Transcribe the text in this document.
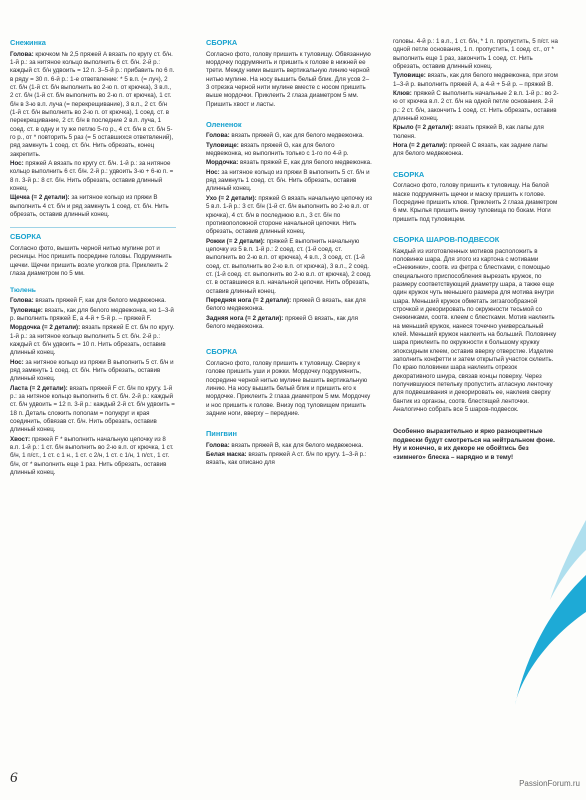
Снежинка

Голова: крючком № 2,5 пряжей A вязать по кругу ст. б/н. 1-й р.: за нитяное кольцо выполнить 6 ст. б/н. 2-й р.: каждый ст. б/н удвоить = 12 п. 3–5-й р.: прибавить по 6 п. в ряду = 30 п. 6-й р.: 1-е ответвление: * 5 в.п. (= луч), 2 ст. б/н (1-й ст. б/н выполнить во 2-ю п. от крючка), 3 в.п., 2 ст. б/н (1-й ст. б/н выполнить во 2-ю п. от крючка), 1 ст. б/н в 3-ю в.п. луча (= перекрещивание), 3 в.п., 2 ст. б/н (1-й ст. б/н выполнить во 2-ю п. от крючка), 1 соед. ст. в перекрещивание, 2 ст. б/н в последние 2 в.п. луча, 1 соед. ст. в одну и ту же петлю 5-го р., 4 ст. б/н в ст. б/н 5-го р., от * повторить 5 раз (= 5 оставшихся ответвлений), ряд замкнуть 1 соед. ст. б/н. Нить обрезать, конец закрепить.

Нос: пряжей A вязать по кругу ст. б/н. 1-й р.: за нитяное кольцо выполнить 6 ст. б/н. 2-й р.: удвоить 3-ю + 6-ю п. = 8 п. 3-й р.: 8 ст. б/н. Нить обрезать, оставив длинный конец.

Щечка (= 2 детали): за нитяное кольцо из пряжи B выполнить 4 ст. б/н и ряд замкнуть 1 соед. ст. б/н. Нить обрезать, оставив длинный конец.

СБОРКА

Согласно фото, вышить черной нитью мулине рот и ресницы. Нос пришить посредине головы. Подрумянить щечки. Щечки пришить возле уголков рта. Приклеить 2 глаза диаметром по 5 мм.

Тюлень

Голова: вязать пряжей F, как для белого медвежонка.

Туловище: вязать, как для белого медвежонка, но 1–3-й р. выполнить пряжей E, а 4-й + 5-й р. – пряжей F.

Мордочка (= 2 детали): вязать пряжей E ст. б/н по кругу. 1-й р.: за нитяное кольцо выполнить 5 ст. б/н. 2-й р.: каждый ст. б/н удвоить = 10 п. Нить обрезать, оставив длинный конец.

Нос: за нитяное кольцо из пряжи B выполнить 5 ст. б/н и ряд замкнуть 1 соед. ст. б/н. Нить обрезать, оставив длинный конец.

Ласта (= 2 детали): вязать пряжей F ст. б/н по кругу. 1-й р.: за нитяное кольцо выполнить 6 ст. б/н. 2-й р.: каждый ст. б/н удвоить = 12 п. 3-й р.: каждый 2-й ст. б/н удвоить = 18 п. Деталь сложить пополам = полукруг и края соединить, обвязав ст. б/н. Нить обрезать, оставив длинный конец.

Хвост: пряжей F * выполнить начальную цепочку из 8 в.п. 1-й р.: 1 ст. б/н выполнить во 2-ю в.п. от крючка, 1 ст. б/н, 1 п/ст., 1 ст. с 1 н., 1 ст. с 2/н, 1 ст. с 1/н, 1 п/ст., 1 ст. б/н, от * выполнить еще 1 раз. Нить обрезать, оставив длинный конец.

СБОРКА

Согласно фото, голову пришить к туловищу. Обвязанную мордочку подрумянить и пришить к голове в нижней ее трети. Между ними вышить вертикальную линию черной нитью мулине. На носу вышить белый блик. Для усов 2–3 отрезка черной нити мулине вместе с носом пришить выше мордочки. Приклеить 2 глаза диаметром 5 мм. Пришить хвост и ласты.

Олененок

Голова: вязать пряжей G, как для белого медвежонка.

Туловище: вязать пряжей G, как для белого медвежонка, но выполнить только с 1-го по 4-й р.

Мордочка: вязать пряжей E, как для белого медвежонка.

Нос: за нитяное кольцо из пряжи B выполнить 5 ст. б/н и ряд замкнуть 1 соед. ст. б/н. Нить обрезать, оставив длинный конец.

Ухо (= 2 детали): пряжей G вязать начальную цепочку из 5 в.п. 1-й р.: 3 ст. б/н (1-й ст. б/н выполнить во 2-ю в.п. от крючка), 4 ст. б/н в последнюю в.п., 3 ст. б/н по противоположной стороне начальной цепочки. Нить обрезать, оставив длинный конец.

Рожки (= 2 детали): пряжей E выполнить начальную цепочку из 5 в.п. 1-й р.: 2 соед. ст. (1-й соед. ст. выполнить во 2-ю в.п. от крючка), 4 в.п., 3 соед. ст. (1-й соед. ст. выполнить во 2-ю в.п. от крючка), 3 в.п., 2 соед. ст. (1-й соед. ст. выполнить во 2-ю в.п. от крючка), 2 соед. ст. в оставшиеся в.п. начальной цепочки. Нить обрезать, оставив длинный конец.

Передняя нога (= 2 детали): пряжей G вязать, как для белого медвежонка.

Задняя нога (= 2 детали): пряжей G вязать, как для белого медвежонка.

СБОРКА

Согласно фото, голову пришить к туловищу. Сверху к голове пришить уши и рожки. Мордочку подрумянить, посредине черной нитью мулине вышить вертикальную линию. На носу вышить белый блик и пришить его к мордочке. Приклеить 2 глаза диаметром 5 мм. Мордочку и нос пришить к голове. Внизу под туловищем пришить задние ноги, вверху – передние.

Пингвин

Голова: вязать пряжей B, как для белого медвежонка.

Белая маска: вязать пряжей A ст. б/н по кругу. 1–3-й р.: вязать, как описано для

головы. 4-й р.: 1 в.п., 1 ст. б/н, * 1 п. пропустить, 5 п/ст. на одной петле основания, 1 п. пропустить, 1 соед. ст., от * выполнить еще 1 раз, закончить 1 соед. ст. Нить обрезать, оставив длинный конец.

Туловище: вязать, как для белого медвежонка, при этом 1–3-й р. выполнить пряжей A, а 4-й + 5-й р. – пряжей B.

Клюв: пряжей C выполнить начальные 2 в.п. 1-й р.: во 2-ю от крючка в.п. 2 ст. б/н на одной петле основания. 2-й р.: 2 ст. б/н, закончить 1 соед. ст. Нить обрезать, оставив длинный конец.

Крыло (= 2 детали): вязать пряжей B, как лапы для тюленя.

Нога (= 2 детали): пряжей C вязать, как задние лапы для белого медвежонка.

СБОРКА

Согласно фото, голову пришить к туловищу. На белой маске подрумянить щечки и маску пришить к голове. Посредине пришить клюв. Приклеить 2 глаза диаметром 6 мм. Крылья пришить внизу туловища по бокам. Ноги пришить под туловищем.

СБОРКА ШАРОВ-ПОДВЕСОК

Каждый из изготовленных мотивов расположить в половинке шара. Для этого из картона с мотивами «Снежинки», соотв. из фетра с блестками, с помощью специального приспособления вырезать кружок, по размеру соответствующий диаметру шара, а также еще один кружок чуть меньшего размера для мотива внутри шара. Меньший кружок обметать зигзагообразной строчкой и декорировать по окружности тесьмой со снежинками, соотв. клеем с блестками. Мотив наклеить на меньший кружок, нанеся точечно универсальный клей. Меньший кружок наклеить на больший. Половинку шара приклеить по окружности к большому кружку эпоксидным клеем, оставив вверху отверстие. Изделие заполнить конфетти и затем открытый участок склеить. По краю половинки шара наклеить отрезок декоративного шнура, связав концы поверху. Через получившуюся петельку пропустить атласную ленточку для подвешивания и декорировать ее, наклеив сверху бантик из органзы, соотв. блестящей ленточки. Аналогично собрать все 5 шаров-подвесок.

Особенно выразительно и ярко разноцветные подвески будут смотреться на нейтральном фоне. Ну и конечно, в их декоре не обойтись без «зимнего» блеска – нарядно и в тему!

6	PassionForum.ru
